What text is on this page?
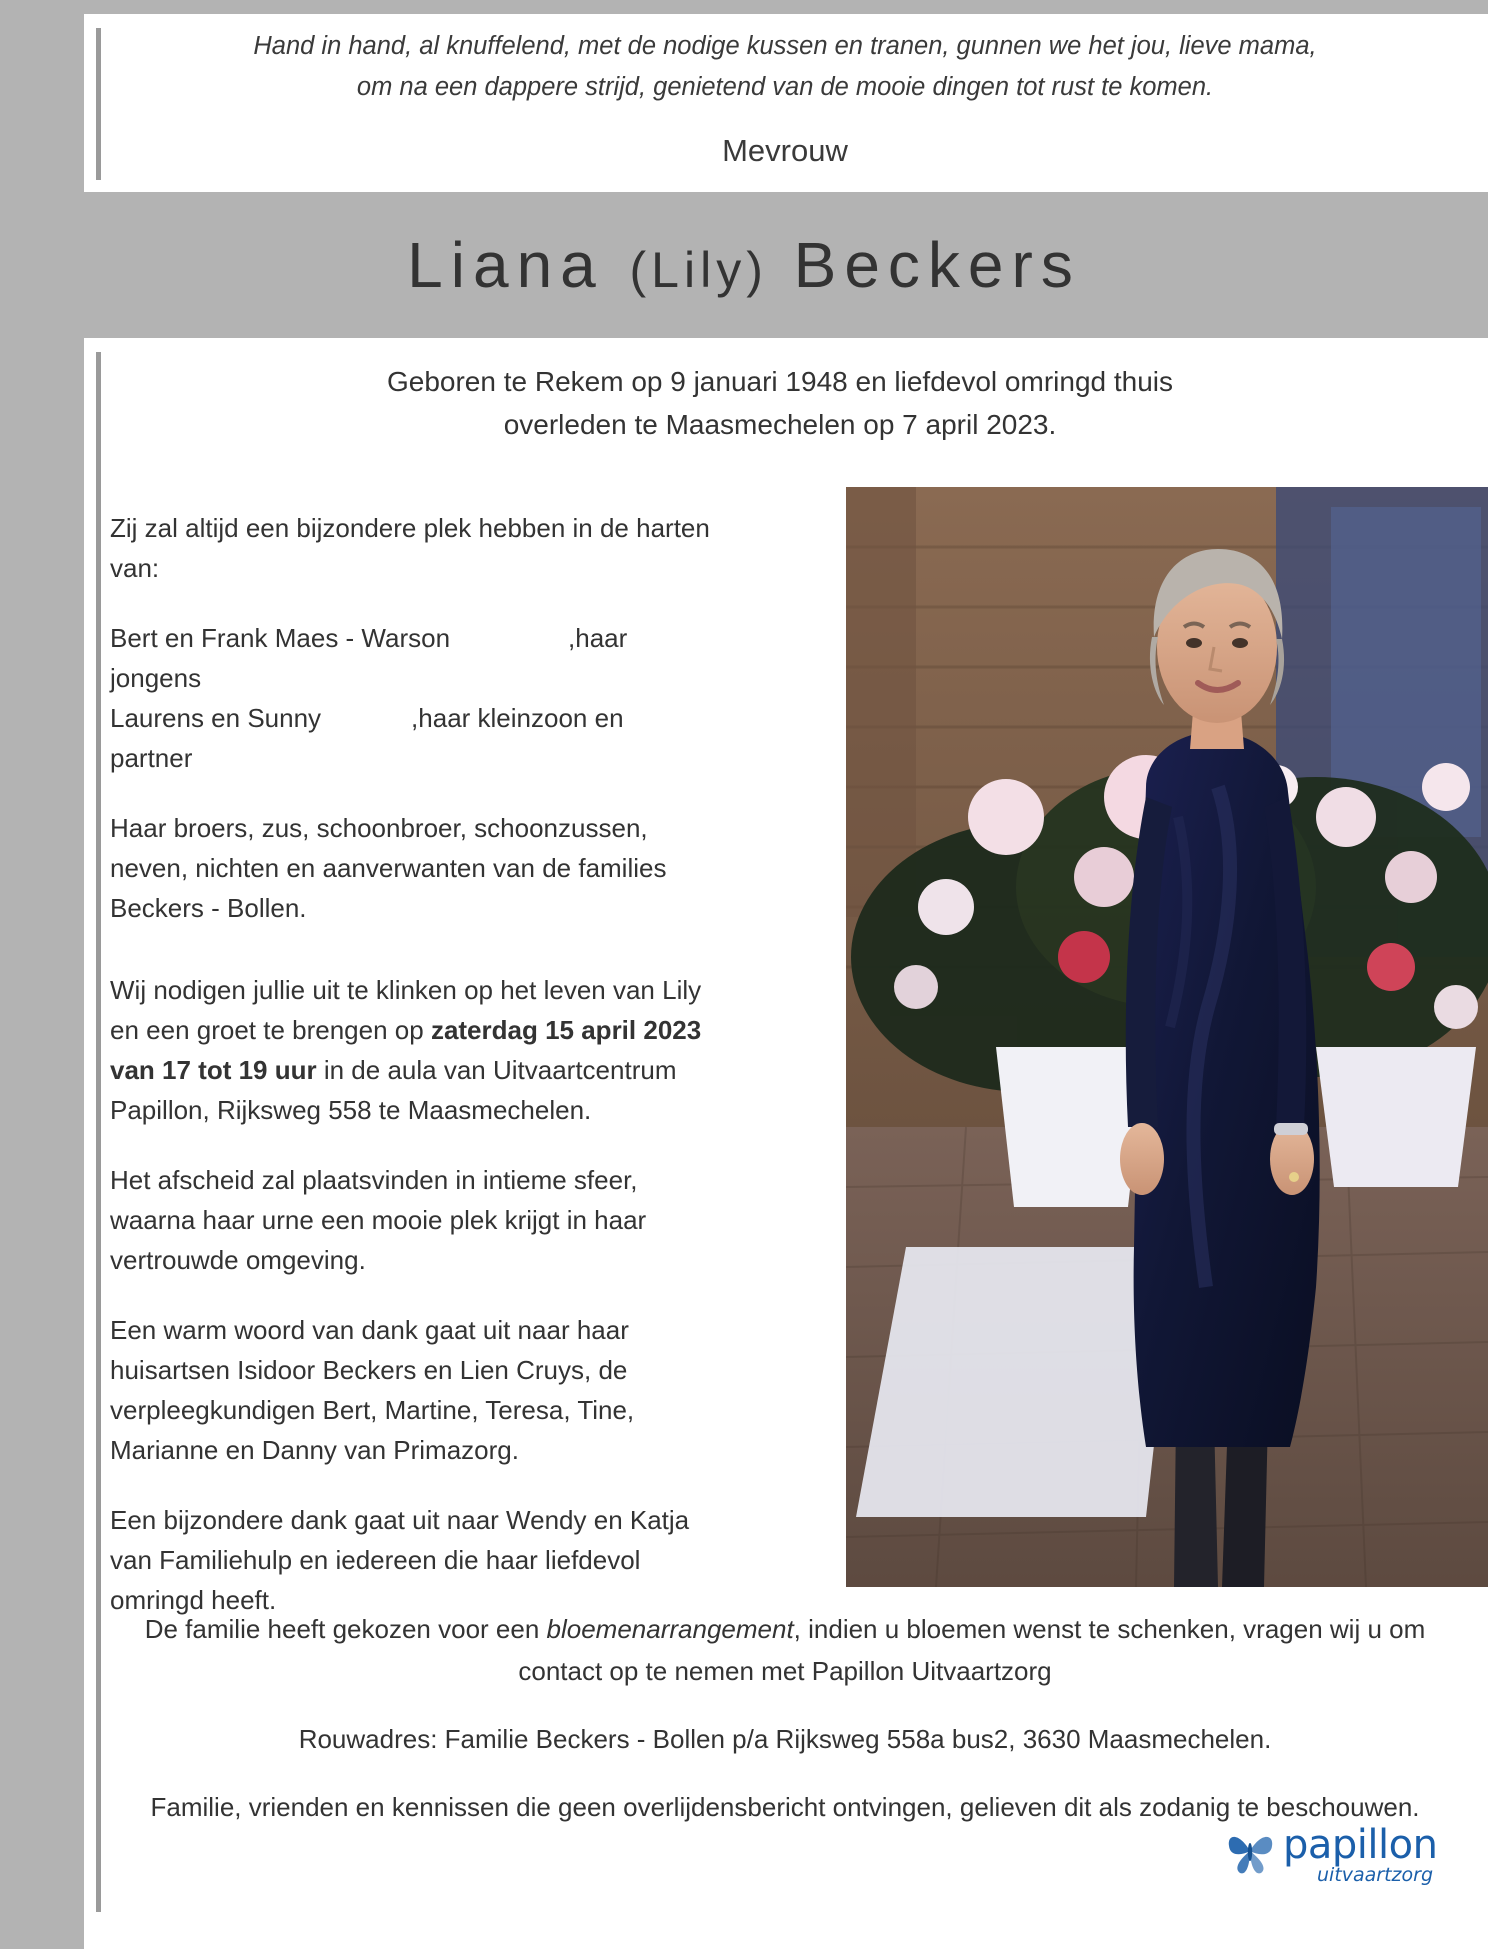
Hand in hand, al knuffelend, met de nodige kussen en tranen, gunnen we het jou, lieve mama,
om na een dappere strijd, genietend van de mooie dingen tot rust te komen.
Mevrouw
Liana (Lily) Beckers
Geboren te Rekem op 9 januari 1948 en liefdevol omringd thuis
overleden te Maasmechelen op 7 april 2023.

Zij zal altijd een bijzondere plek hebben in de harten van:

Bert en Frank Maes - Warson	,haar jongens

Laurens en Sunny	,haar kleinzoon en partner

Haar broers, zus, schoonbroer, schoonzussen, neven, nichten en aanverwanten van de families Beckers - Bollen.

Wij nodigen jullie uit te klinken op het leven van Lily en een groet te brengen op zaterdag 15 april 2023 van 17 tot 19 uur in de aula van Uitvaartcentrum Papillon, Rijksweg 558 te Maasmechelen.

Het afscheid zal plaatsvinden in intieme sfeer, waarna haar urne een mooie plek krijgt in haar vertrouwde omgeving.

Een warm woord van dank gaat uit naar haar huisartsen Isidoor Beckers en Lien Cruys, de verpleegkundigen Bert, Martine, Teresa, Tine, Marianne en Danny van Primazorg.

Een bijzondere dank gaat uit naar Wendy en Katja van Familiehulp en iedereen die haar liefdevol omringd heeft.

De familie heeft gekozen voor een bloemenarrangement, indien u bloemen wenst te schenken, vragen wij u om contact op te nemen met Papillon Uitvaartzorg

Rouwadres: Familie Beckers - Bollen p/a Rijksweg 558a bus2, 3630 Maasmechelen.

Familie, vrienden en kennissen die geen overlijdensbericht ontvingen, gelieven dit als zodanig te beschouwen.

papillon
uitvaartzorg
